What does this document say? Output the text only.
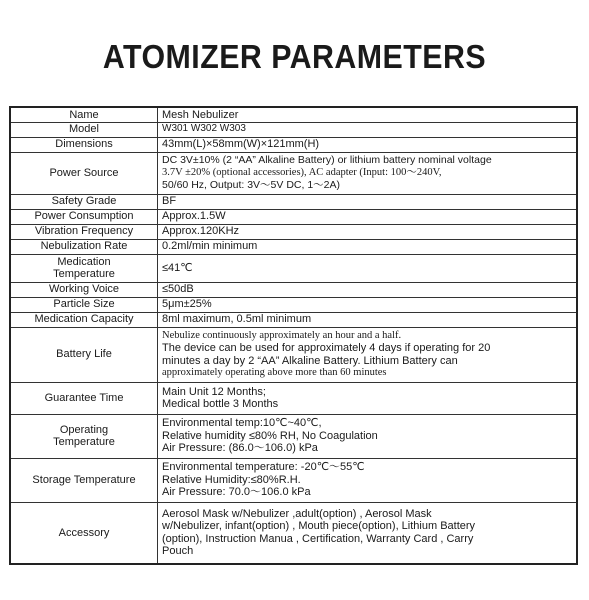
ATOMIZER PARAMETERS
Name	Mesh Nebulizer

Model	W301 W302 W303

Dimensions	43mm(L)×58mm(W)×121mm(H)

Power Source	DC 3V±10% (2 “AA” Alkaline Battery) or lithium battery nominal voltage
3.7V ±20% (optional accessories), AC adapter (Input: 100～240V,
50/60 Hz, Output: 3V～5V DC, 1～2A)

Safety Grade	BF

Power Consumption	Approx.1.5W

Vibration Frequency	Approx.120KHz

Nebulization Rate	0.2ml/min minimum

Medication
Temperature	≤41℃

Working Voice	≤50dB

Particle Size	5μm±25%

Medication Capacity	8ml maximum, 0.5ml minimum

Battery Life	Nebulize continuously approximately an hour and a half.
The device can be used for approximately 4 days if operating for 20
minutes a day by 2 “AA” Alkaline Battery. Lithium Battery can
approximately operating above more than 60 minutes

Guarantee Time	Main Unit 12 Months;
Medical bottle 3 Months

Operating
Temperature	Environmental temp:10℃~40℃,
Relative humidity ≤80% RH, No Coagulation
Air Pressure: (86.0～106.0) kPa

Storage Temperature	Environmental temperature: -20℃～55℃
Relative Humidity:≤80%R.H.
Air Pressure: 70.0～106.0 kPa

Accessory	Aerosol Mask w/Nebulizer ,adult(option) , Aerosol Mask
w/Nebulizer, infant(option) , Mouth piece(option), Lithium Battery
(option), Instruction Manua , Certification, Warranty Card , Carry
Pouch
